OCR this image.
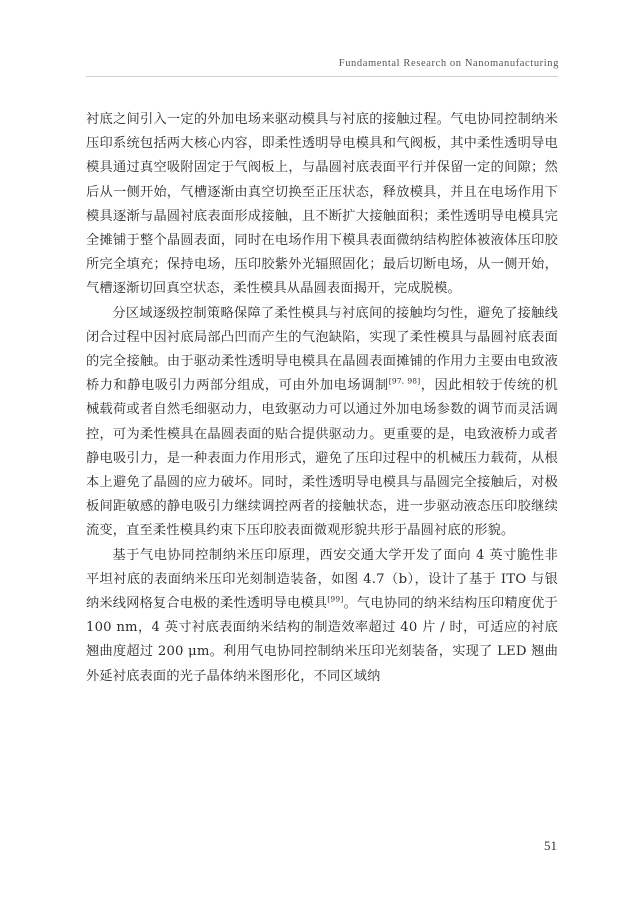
Fundamental Research on Nanomanufacturing

衬底之间引入一定的外加电场来驱动模具与衬底的接触过程。气电协同控制纳米压印系统包括两大核心内容，即柔性透明导电模具和气阀板，其中柔性透明导电模具通过真空吸附固定于气阀板上，与晶圆衬底表面平行并保留一定的间隙；然后从一侧开始，气槽逐渐由真空切换至正压状态，释放模具，并且在电场作用下模具逐渐与晶圆衬底表面形成接触，且不断扩大接触面积；柔性透明导电模具完全摊铺于整个晶圆表面，同时在电场作用下模具表面微纳结构腔体被液体压印胶所完全填充；保持电场，压印胶紫外光辐照固化；最后切断电场，从一侧开始，气槽逐渐切回真空状态，柔性模具从晶圆表面揭开，完成脱模。

分区域逐级控制策略保障了柔性模具与衬底间的接触均匀性，避免了接触线闭合过程中因衬底局部凸凹而产生的气泡缺陷，实现了柔性模具与晶圆衬底表面的完全接触。由于驱动柔性透明导电模具在晶圆表面摊铺的作用力主要由电致液桥力和静电吸引力两部分组成，可由外加电场调制[97, 98]，因此相较于传统的机械载荷或者自然毛细驱动力，电致驱动力可以通过外加电场参数的调节而灵活调控，可为柔性模具在晶圆表面的贴合提供驱动力。更重要的是，电致液桥力或者静电吸引力，是一种表面力作用形式，避免了压印过程中的机械压力载荷，从根本上避免了晶圆的应力破坏。同时，柔性透明导电模具与晶圆完全接触后，对极板间距敏感的静电吸引力继续调控两者的接触状态，进一步驱动液态压印胶继续流变，直至柔性模具约束下压印胶表面微观形貌共形于晶圆衬底的形貌。

基于气电协同控制纳米压印原理，西安交通大学开发了面向 4 英寸脆性非平坦衬底的表面纳米压印光刻制造装备，如图 4.7（b），设计了基于 ITO 与银纳米线网格复合电极的柔性透明导电模具[99]。气电协同的纳米结构压印精度优于 100 nm，4 英寸衬底表面纳米结构的制造效率超过 40 片 / 时，可适应的衬底翘曲度超过 200 μm。利用气电协同控制纳米压印光刻装备，实现了 LED 翘曲外延衬底表面的光子晶体纳米图形化，不同区域纳

51
